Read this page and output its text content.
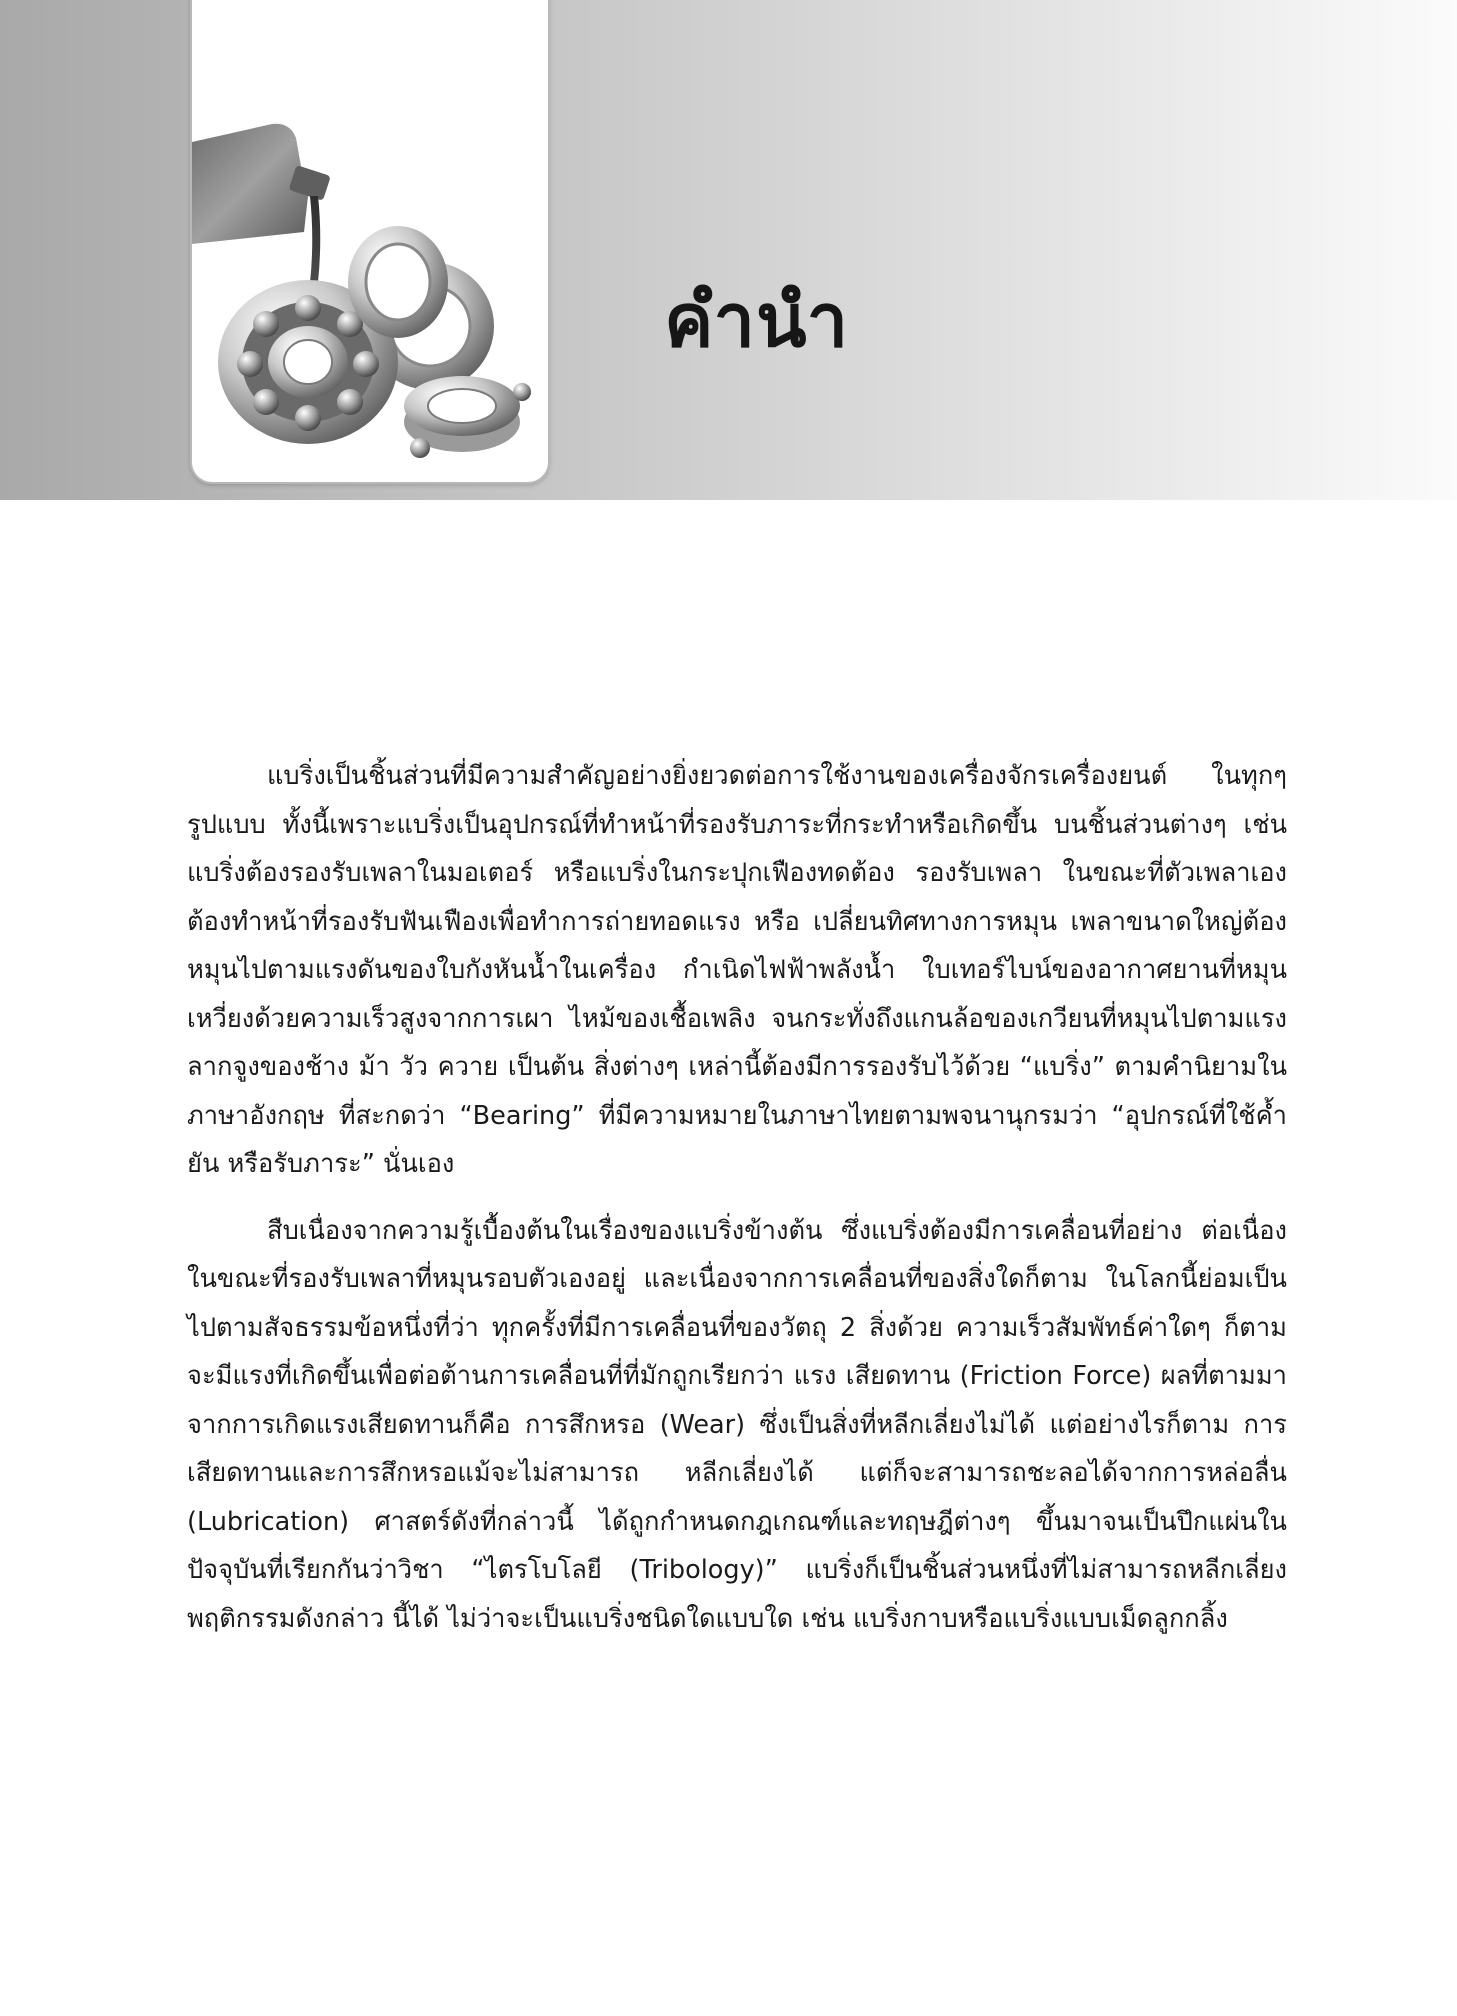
คำนำ

แบริ่งเป็นชิ้นส่วนที่มีความสำคัญอย่างยิ่งยวดต่อการใช้งานของเครื่องจักรเครื่องยนต์ ในทุกๆ รูปแบบ ทั้งนี้เพราะแบริ่งเป็นอุปกรณ์ที่ทำหน้าที่รองรับภาระที่กระทำหรือเกิดขึ้น บนชิ้นส่วนต่างๆ เช่น แบริ่งต้องรองรับเพลาในมอเตอร์ หรือแบริ่งในกระปุกเฟืองทดต้อง รองรับเพลา ในขณะที่ตัวเพลาเองต้องทำหน้าที่รองรับฟันเฟืองเพื่อทำการถ่ายทอดแรง หรือ เปลี่ยนทิศทางการหมุน เพลาขนาดใหญ่ต้องหมุนไปตามแรงดันของใบกังหันน้ำในเครื่อง กำเนิดไฟฟ้าพลังน้ำ ใบเทอร์ไบน์ของอากาศยานที่หมุนเหวี่ยงด้วยความเร็วสูงจากการเผา ไหม้ของเชื้อเพลิง จนกระทั่งถึงแกนล้อของเกวียนที่หมุนไปตามแรงลากจูงของช้าง ม้า วัว ควาย เป็นต้น สิ่งต่างๆ เหล่านี้ต้องมีการรองรับไว้ด้วย “แบริ่ง” ตามคำนิยามในภาษาอังกฤษ ที่สะกดว่า “Bearing” ที่มีความหมายในภาษาไทยตามพจนานุกรมว่า “อุปกรณ์ที่ใช้ค้ำยัน หรือรับภาระ” นั่นเอง

สืบเนื่องจากความรู้เบื้องต้นในเรื่องของแบริ่งข้างต้น ซึ่งแบริ่งต้องมีการเคลื่อนที่อย่าง ต่อเนื่องในขณะที่รองรับเพลาที่หมุนรอบตัวเองอยู่ และเนื่องจากการเคลื่อนที่ของสิ่งใดก็ตาม ในโลกนี้ย่อมเป็นไปตามสัจธรรมข้อหนึ่งที่ว่า ทุกครั้งที่มีการเคลื่อนที่ของวัตถุ 2 สิ่งด้วย ความเร็วสัมพัทธ์ค่าใดๆ ก็ตาม จะมีแรงที่เกิดขึ้นเพื่อต่อต้านการเคลื่อนที่ที่มักถูกเรียกว่า แรง เสียดทาน (Friction Force) ผลที่ตามมาจากการเกิดแรงเสียดทานก็คือ การสึกหรอ (Wear) ซึ่งเป็นสิ่งที่หลีกเลี่ยงไม่ได้ แต่อย่างไรก็ตาม การเสียดทานและการสึกหรอแม้จะไม่สามารถ หลีกเลี่ยงได้ แต่ก็จะสามารถชะลอได้จากการหล่อลื่น (Lubrication) ศาสตร์ดังที่กล่าวนี้ ได้ถูกกำหนดกฎเกณฑ์และทฤษฎีต่างๆ ขึ้นมาจนเป็นปึกแผ่นในปัจจุบันที่เรียกกันว่าวิชา “ไตรโบโลยี (Tribology)” แบริ่งก็เป็นชิ้นส่วนหนึ่งที่ไม่สามารถหลีกเลี่ยงพฤติกรรมดังกล่าว นี้ได้ ไม่ว่าจะเป็นแบริ่งชนิดใดแบบใด เช่น แบริ่งกาบหรือแบริ่งแบบเม็ดลูกกลิ้ง
